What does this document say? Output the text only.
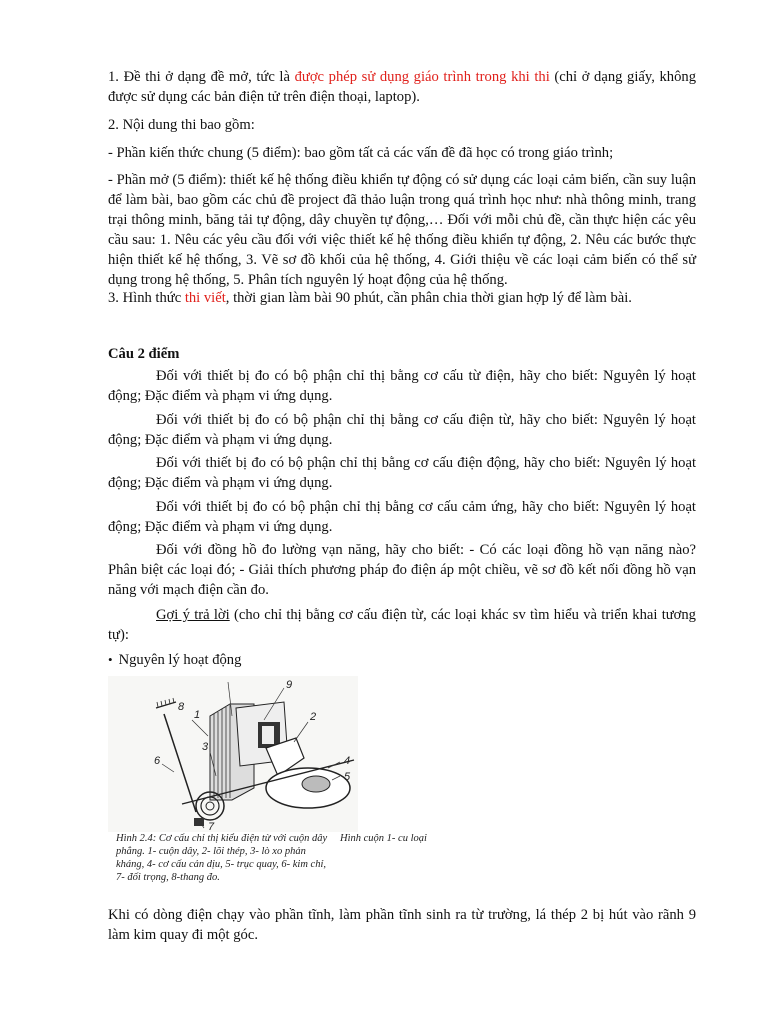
1. Đề thi ở dạng đề mở, tức là được phép sử dụng giáo trình trong khi thi (chỉ ở dạng giấy, không được sử dụng các bản điện tử trên điện thoại, laptop).
2. Nội dung thi bao gồm:
- Phần kiến thức chung (5 điểm): bao gồm tất cả các vấn đề đã học có trong giáo trình;
- Phần mở (5 điểm): thiết kế hệ thống điều khiển tự động có sử dụng các loại cảm biến, cần suy luận để làm bài, bao gồm các chủ đề project đã thảo luận trong quá trình học như: nhà thông minh, trang trại thông minh, băng tải tự động, dây chuyền tự động,… Đối với mỗi chủ đề, cần thực hiện các yêu cầu sau: 1. Nêu các yêu cầu đối với việc thiết kế hệ thống điều khiển tự động, 2. Nêu các bước thực hiện thiết kế hệ thống, 3. Vẽ sơ đồ khối của hệ thống, 4. Giới thiệu về các loại cảm biến có thể sử dụng trong hệ thống, 5. Phân tích nguyên lý hoạt động của hệ thống.
3. Hình thức thi viết, thời gian làm bài 90 phút, cần phân chia thời gian hợp lý để làm bài.
Câu 2 điểm
Đối với thiết bị đo có bộ phận chỉ thị bằng cơ cấu từ điện, hãy cho biết: Nguyên lý hoạt động; Đặc điểm và phạm vi ứng dụng.
Đối với thiết bị đo có bộ phận chỉ thị bằng cơ cấu điện từ, hãy cho biết: Nguyên lý hoạt động; Đặc điểm và phạm vi ứng dụng.
Đối với thiết bị đo có bộ phận chỉ thị bằng cơ cấu điện động, hãy cho biết: Nguyên lý hoạt động; Đặc điểm và phạm vi ứng dụng.
Đối với thiết bị đo có bộ phận chỉ thị bằng cơ cấu cảm ứng, hãy cho biết: Nguyên lý hoạt động; Đặc điểm và phạm vi ứng dụng.
Đối với đồng hồ đo lường vạn năng, hãy cho biết: - Có các loại đồng hồ vạn năng nào? Phân biệt các loại đó; - Giải thích phương pháp đo điện áp một chiều, vẽ sơ đồ kết nối đồng hồ vạn năng với mạch điện cần đo.
Gợi ý trả lời (cho chỉ thị bằng cơ cấu điện từ, các loại khác sv tìm hiểu và triển khai tương tự):
• Nguyên lý hoạt động
1	2
3
4
5
6
7
8
9
Hình 2.4: Cơ cấu chỉ thị kiểu điện từ với cuộn dây phẳng. 1- cuộn dây, 2- lõi thép, 3- lò xo phản kháng, 4- cơ cấu cản dịu, 5- trục quay, 6- kim chỉ, 7- đối trọng, 8-thang đo.
Hình cuộn 1- cu loại
Khi có dòng điện chạy vào phần tĩnh, làm phần tĩnh sinh ra từ trường, lá thép 2 bị hút vào rãnh 9 làm kim quay đi một góc.
